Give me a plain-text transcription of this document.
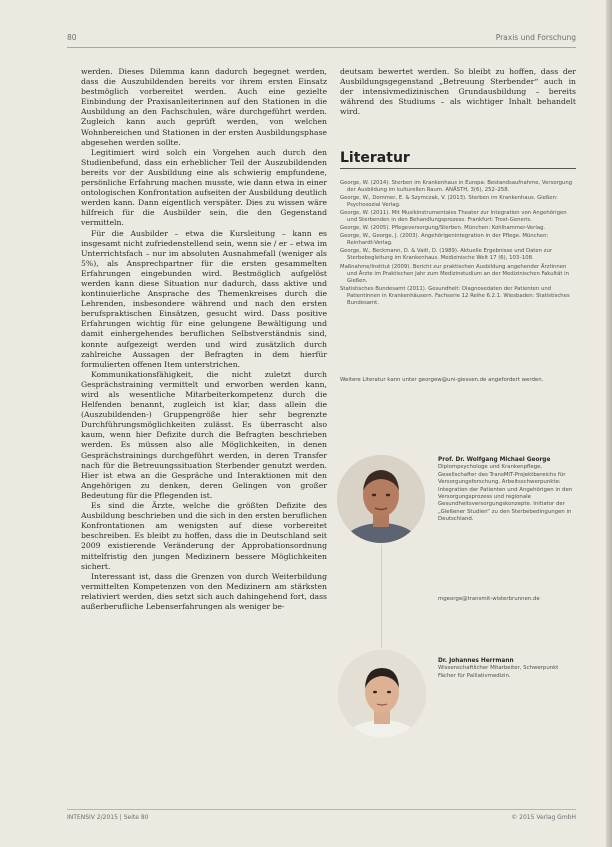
80	Praxis und Forschung

werden. Dieses Dilemma kann dadurch begegnet werden, dass die Auszubildenden bereits vor ihrem ersten Einsatz bestmöglich vorbereitet werden. Auch eine gezielte Einbindung der Praxisanleiterinnen auf den Stationen in die Ausbildung an den Fachschulen, wäre durchgeführt werden. Zugleich kann auch geprüft werden, von welchen Wohnbereichen und Stationen in der ersten Ausbildungsphase abgesehen werden sollte.

Legitimiert wird solch ein Vorgehen auch durch den Studienbefund, dass ein erheblicher Teil der Auszubildenden bereits vor der Ausbildung eine als schwierig empfundene, persönliche Erfahrung machen musste, wie dann etwa in einer ontologischen Konfrontation aufseiten der Ausbildung deutlich werden kann. Dann eigentlich verspäter. Dies zu wissen wäre hilfreich für die Ausbilder sein, die den Gegenstand vermitteln.

Für die Ausbilder – etwa die Kursleitung – kann es insgesamt nicht zufriedenstellend sein, wenn sie / er – etwa im Unterrichtsfach – nur im absoluten Ausnahmefall (weniger als 5%), als Ansprechpartner für die ersten gesammelten Erfahrungen eingebunden wird. Bestmöglich aufgelöst werden kann diese Situation nur dadurch, dass aktive und kontinuierliche Ansprache des Themenkreises durch die Lehrenden, insbesondere während und nach den ersten berufspraktischen Einsätzen, gesucht wird. Dass positive Erfahrungen wichtig für eine gelungene Bewältigung und damit einhergehendes beruflichen Selbstverständnis sind, konnte aufgezeigt werden und wird zusätzlich durch zahlreiche Aussagen der Befragten in dem hierfür formulierten offenen Item unterstrichen.

Kommunikationsfähigkeit, die nicht zuletzt durch Gesprächstraining vermittelt und erworben werden kann, wird als wesentliche Mitarbeiterkompetenz durch die Helfenden benannt, zugleich ist klar, dass allein die (Auszubildenden-) Gruppengröße hier sehr begrenzte Durchführungsmöglichkeiten zulässt. Es überrascht also kaum, wenn hier Defizite durch die Befragten beschrieben werden. Es müssen also alle Möglichkeiten, in denen Gesprächstrainings durchgeführt werden, in deren Transfer nach für die Betreuungssituation Sterbender genutzt werden. Hier ist etwa an die Gespräche und Interaktionen mit den Angehörigen zu denken, deren Gelingen von großer Bedeutung für die Pflegenden ist.

Es sind die Ärzte, welche die größten Defizite des Ausbildung beschrieben und die sich in den ersten beruflichen Konfrontationen am wenigsten auf diese vorbereitet beschreiben. Es bleibt zu hoffen, dass die in Deutschland seit 2009 existierende Veränderung der Approbationsordnung mittelfristig den jungen Medizinern bessere Möglichkeiten sichert.

Interessant ist, dass die Grenzen von durch Weiterbildung vermittelten Kompetenzen von den Medizinern am stärksten relativiert werden, dies setzt sich auch dahingehend fort, dass außerberufliche Lebenserfahrungen als weniger be-

deutsam bewertet werden. So bleibt zu hoffen, dass der Ausbildungsgegenstand „Betreuung Sterbender“ auch in der intensivmedizinischen Grundausbildung – bereits während des Studiums – als wichtiger Inhalt behandelt wird.

Literatur
George, W. (2014). Sterben im Krankenhaus in Europa: Bestandsaufnahme, Versorgung der Ausbildung im kulturellen Raum. ANÄSTH, 3(6), 252–258.
George, W., Dommer, E. & Szymczak, V. (2013). Sterben im Krankenhaus. Gießen: Psychosozial Verlag.
George, W. (2011). Mit Musikinstrumentales Theater zur Integration von Angehörigen und Sterbenden in den Behandlungsprozess. Frankfurt: Trost-Generis.
George, W. (2005). Pflegeversorgung/Sterben. München: Kohlhammer-Verlag.
George, W., George, J. (2003). Angehörigenintegration in der Pflege. München: Reinhardt-Verlag.
George, W., Beckmann, D. & Vaitl, D. (1989). Aktuelle Ergebnisse und Daten zur Sterbebegleitung im Krankenhaus. Medizinische Welt 17 (6), 103–108.
Maßnahme/Institut (2009). Bericht zur praktischen Ausbildung angehender Ärztinnen und Ärzte im Praktischen Jahr zum Medizinstudium an der Medizinischen Fakultät in Gießen.
Statistisches Bundesamt (2011). Gesundheit: Diagnosedaten der Patienten und Patientinnen in Krankenhäusern. Fachserie 12 Reihe 6.2.1. Wiesbaden: Statistisches Bundesamt.
Weitere Literatur kann unter georgew@uni-giessen.de angefordert werden.
Prof. Dr. Wolfgang Michael George
Diplompsychologe und Krankenpflege, Gesellschafter des TransMIT-Projektbereichs für Versorgungsforschung. Arbeitsschwerpunkte: Integration der Patienten und Angehörigen in den Versorgungsprozess und regionale Gesundheitsversorgungskonzepte. Initiator der „Gießener Studien“ zu den Sterbebedingungen in Deutschland.
mgeorge@transmit-wisterbrunnen.de
Dr. Johannes Herrmann
Wissenschaftlicher Mitarbeiter, Schwerpunkt Fächer für Palliativmedizin.
INTENSIV 2/2015 | Seite 80	© 2015 Verlag GmbH
